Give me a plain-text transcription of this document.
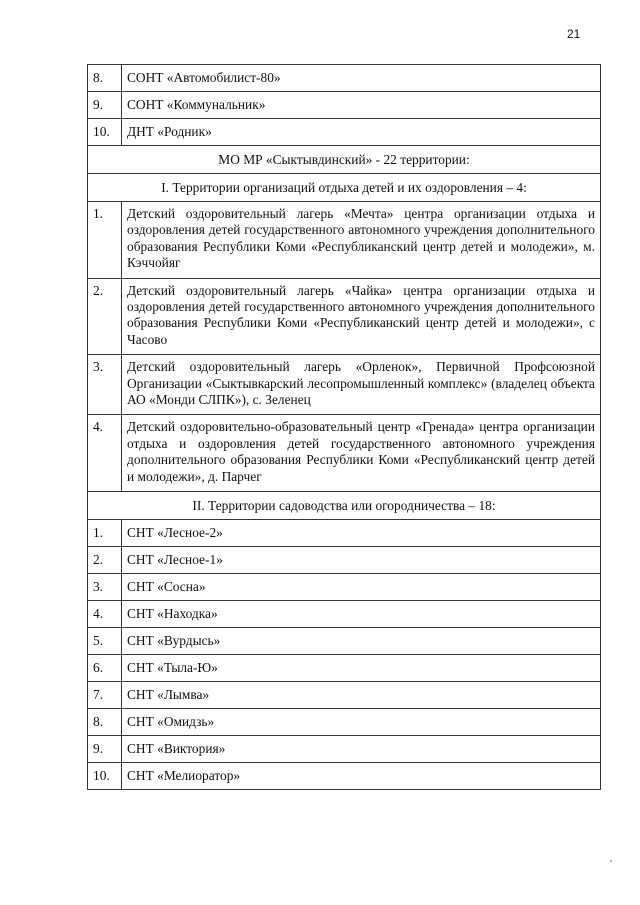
21
8.	СОНТ «Автомобилист-80»
9.	СОНТ «Коммунальник»
10.	ДНТ «Родник»
МО МР «Сыктывдинский» - 22 территории:	
I. Территории организаций отдыха детей и их оздоровления – 4:	
1.	Детский оздоровительный лагерь «Мечта» центра организации отдыха и оздоровления детей государственного автономного учреждения дополнительного образования Республики Коми «Республиканский центр детей и молодежи», м. Кэччойяг
2.	Детский оздоровительный лагерь «Чайка» центра организации отдыха и оздоровления детей государственного автономного учреждения дополнительного образования Республики Коми «Республиканский центр детей и молодежи», с Часово
3.	Детский оздоровительный лагерь «Орленок», Первичной Профсоюзной Организации «Сыктывкарский лесопромышленный комплекс» (владелец объекта АО «Монди СЛПК»), с. Зеленец
4.	Детский оздоровительно-образовательный центр «Гренада» центра организации отдыха и оздоровления детей государственного автономного учреждения дополнительного образования Республики Коми «Республиканский центр детей и молодежи», д. Парчег
II. Территории садоводства или огородничества – 18:	
1.	СНТ «Лесное-2»
2.	СНТ «Лесное-1»
3.	СНТ «Сосна»
4.	СНТ «Находка»
5.	СНТ «Вурдысь»
6.	СНТ «Тыла-Ю»
7.	СНТ «Лымва»
8.	СНТ «Омидзь»
9.	СНТ «Виктория»
10.	СНТ «Мелиоратор»
